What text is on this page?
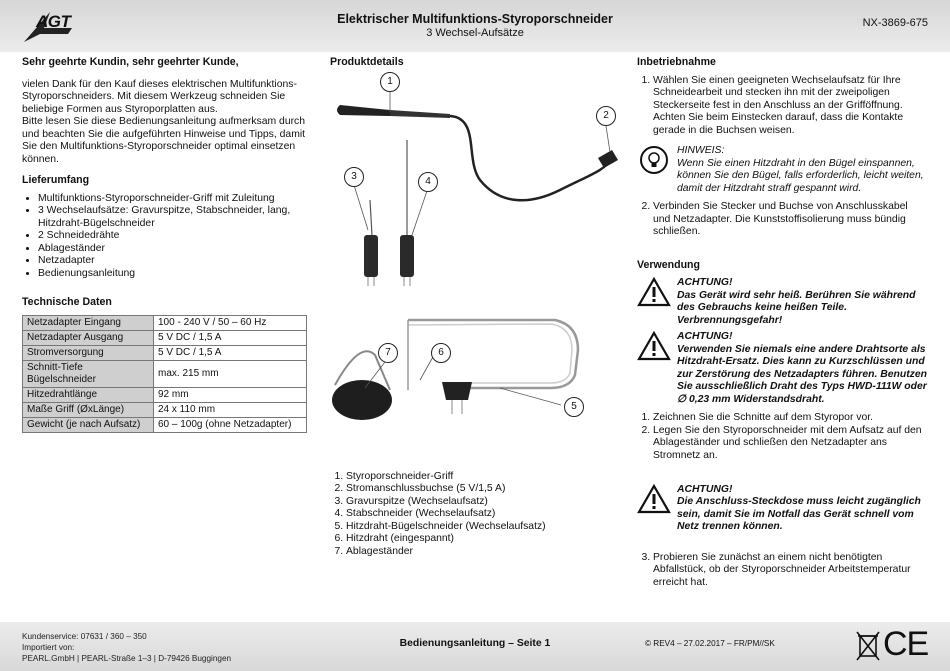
AGT	Elektrischer Multifunktions-Styroporschneider
3 Wechsel-Aufsätze
NX-3869-675
Sehr geehrte Kundin, sehr geehrter Kunde,

vielen Dank für den Kauf dieses elektrischen Multifunktions-Styroporschneiders. Mit diesem Werkzeug schneiden Sie beliebige Formen aus Styroporplatten aus.

Bitte lesen Sie diese Bedienungsanleitung aufmerksam durch und beachten Sie die aufgeführten Hinweise und Tipps, damit Sie den Multifunktions-Styroporschneider optimal einsetzen können.

Lieferumfang
• Multifunktions-Styroporschneider-Griff mit Zuleitung
• 3 Wechselaufsätze: Gravurspitze, Stabschneider, lang, Hitzdraht-Bügelschneider
• 2 Schneidedrähte
• Ablageständer
• Netzadapter
• Bedienungsanleitung
Technische Daten
Netzadapter Eingang	100 - 240 V / 50 – 60 Hz
Netzadapter Ausgang	5 V DC / 1,5 A
Stromversorgung	5 V DC / 1,5 A
Schnitt-Tiefe Bügelschneider	max. 215 mm
Hitzedrahtlänge	92 mm
Maße Griff (ØxLänge)	24 x 110 mm
Gewicht (je nach Aufsatz)	60 – 100g (ohne Netzadapter)
Produktdetails
1
2
3	4
5
6
7
1. Styroporschneider-Griff
2. Stromanschlussbuchse (5 V/1,5 A)
3. Gravurspitze (Wechselaufsatz)
4. Stabschneider (Wechselaufsatz)
5. Hitzdraht-Bügelschneider (Wechselaufsatz)
6. Hitzdraht (eingespannt)
7. Ablageständer
Inbetriebnahme
1. Wählen Sie einen geeigneten Wechselaufsatz für Ihre Schneidearbeit und stecken ihn mit der zweipoligen Steckerseite fest in den Anschluss an der Grifföffnung. Achten Sie beim Einstecken darauf, dass die Kontakte gerade in die Buchsen weisen.
HINWEIS:
Wenn Sie einen Hitzdraht in den Bügel einspannen, können Sie den Bügel, falls erforderlich, leicht weiten, damit der Hitzdraht straff gespannt wird.
2. Verbinden Sie Stecker und Buchse von Anschlusskabel und Netzadapter. Die Kunststoffisolierung muss bündig schließen.
Verwendung
ACHTUNG!
Das Gerät wird sehr heiß. Berühren Sie während des Gebrauchs keine heißen Teile. Verbrennungsgefahr!
ACHTUNG!
Verwenden Sie niemals eine andere Drahtsorte als Hitzdraht-Ersatz. Dies kann zu Kurzschlüssen und zur Zerstörung des Netzadapters führen. Benutzen Sie ausschließlich Draht des Typs HWD-111W oder ∅ 0,23 mm Widerstandsdraht.
1. Zeichnen Sie die Schnitte auf dem Styropor vor.
2. Legen Sie den Styroporschneider mit dem Aufsatz auf den Ablageständer und schließen den Netzadapter ans Stromnetz an.
ACHTUNG!
Die Anschluss-Steckdose muss leicht zugänglich sein, damit Sie im Notfall das Gerät schnell vom Netz trennen können.
3. Probieren Sie zunächst an einem nicht benötigten Abfallstück, ob der Styroporschneider Arbeitstemperatur erreicht hat.
Kundenservice: 07631 / 360 – 350
Importiert von:
PEARL.GmbH | PEARL-Straße 1–3 | D-79426 Buggingen
Bedienungsanleitung – Seite 1	© REV4 – 27.02.2017 – FR/PM//SK	CE
